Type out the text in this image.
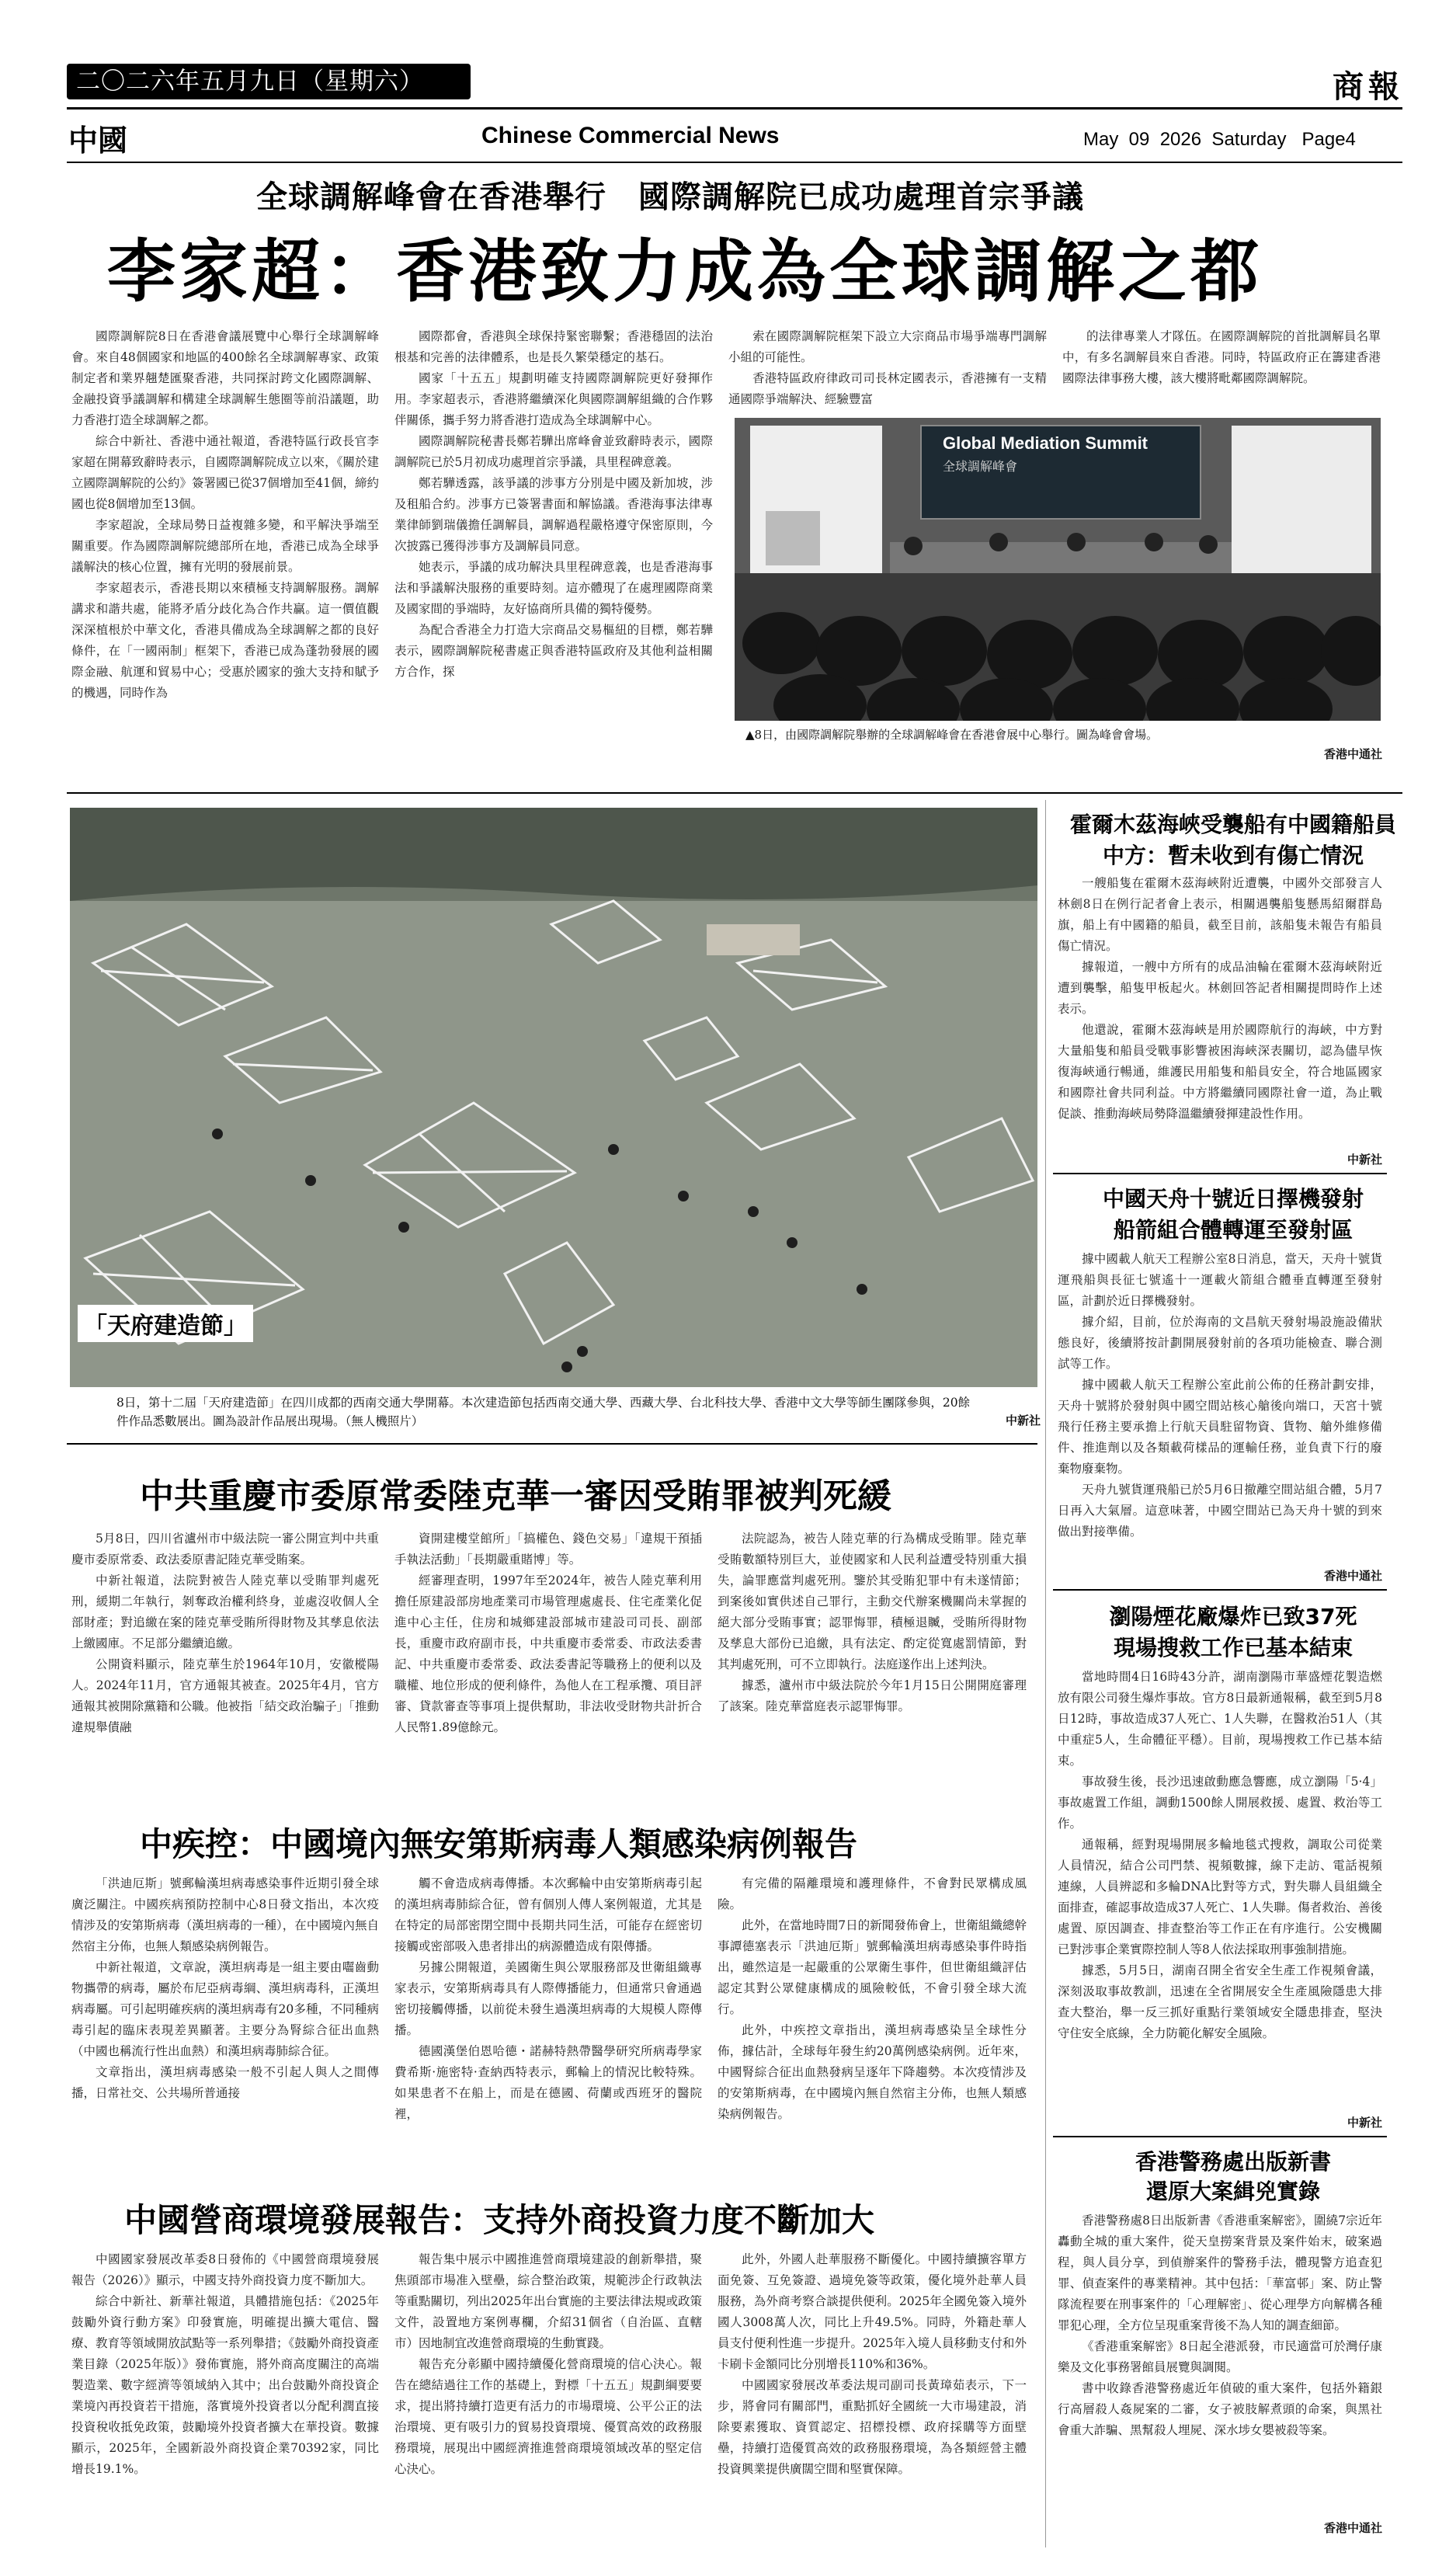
二〇二六年五月九日（星期六）	商報
中國	Chinese Commercial News	May  09  2026  Saturday   Page4
全球調解峰會在香港舉行　國際調解院已成功處理首宗爭議
李家超：香港致力成為全球調解之都

國際調解院8日在香港會議展覽中心舉行全球調解峰會。來自48個國家和地區的400餘名全球調解專家、政策制定者和業界翹楚匯聚香港，共同探討跨文化國際調解、金融投資爭議調解和構建全球調解生態圈等前沿議題，助力香港打造全球調解之都。

綜合中新社、香港中通社報道，香港特區行政長官李家超在開幕致辭時表示，自國際調解院成立以來，《關於建立國際調解院的公約》簽署國已從37個增加至41個，締約國也從8個增加至13個。

李家超說，全球局勢日益複雜多變，和平解決爭端至關重要。作為國際調解院總部所在地，香港已成為全球爭議解決的核心位置，擁有光明的發展前景。

李家超表示，香港長期以來積極支持調解服務。調解講求和諧共處，能將矛盾分歧化為合作共贏。這一價值觀深深植根於中華文化，香港具備成為全球調解之都的良好條件，在「一國兩制」框架下，香港已成為蓬勃發展的國際金融、航運和貿易中心；受惠於國家的強大支持和賦予的機遇，同時作為

國際都會，香港與全球保持緊密聯繫；香港穩固的法治根基和完善的法律體系，也是長久繁榮穩定的基石。

國家「十五五」規劃明確支持國際調解院更好發揮作用。李家超表示，香港將繼續深化與國際調解組織的合作夥伴關係，攜手努力將香港打造成為全球調解中心。

國際調解院秘書長鄭若驊出席峰會並致辭時表示，國際調解院已於5月初成功處理首宗爭議，具里程碑意義。

鄭若驊透露，該爭議的涉事方分別是中國及新加坡，涉及租船合約。涉事方已簽署書面和解協議。香港海事法律專業律師劉瑞儀擔任調解員，調解過程嚴格遵守保密原則，今次披露已獲得涉事方及調解員同意。

她表示，爭議的成功解決具里程碑意義，也是香港海事法和爭議解決服務的重要時刻。這亦體現了在處理國際商業及國家間的爭端時，友好協商所具備的獨特優勢。

為配合香港全力打造大宗商品交易樞紐的目標，鄭若驊表示，國際調解院秘書處正與香港特區政府及其他利益相關方合作，探

索在國際調解院框架下設立大宗商品市場爭端專門調解小組的可能性。

香港特區政府律政司司長林定國表示，香港擁有一支精通國際爭端解決、經驗豐富

的法律專業人才隊伍。在國際調解院的首批調解員名單中，有多名調解員來自香港。同時，特區政府正在籌建香港國際法律事務大樓，該大樓將毗鄰國際調解院。

Global Mediation Summit
全球調解峰會
▲8日，由國際調解院舉辦的全球調解峰會在香港會展中心舉行。圖為峰會會場。
香港中通社
「天府建造節」
8日，第十二屆「天府建造節」在四川成都的西南交通大學開幕。本次建造節包括西南交通大學、西藏大學、台北科技大學、香港中文大學等師生團隊參與，20餘件作品悉數展出。圖為設計作品展出現場。（無人機照片）	中新社
中共重慶市委原常委陸克華一審因受賄罪被判死緩

5月8日，四川省瀘州市中級法院一審公開宣判中共重慶市委原常委、政法委原書記陸克華受賄案。

中新社報道，法院對被告人陸克華以受賄罪判處死刑，緩期二年執行，剝奪政治權利終身，並處沒收個人全部財產；對追繳在案的陸克華受賄所得財物及其孳息依法上繳國庫。不足部分繼續追繳。

公開資料顯示，陸克華生於1964年10月，安徽樅陽人。2024年11月，官方通報其被查。2025年4月，官方通報其被開除黨籍和公職。他被指「結交政治騙子」「推動違規舉債融

資開建樓堂館所」「搞權色、錢色交易」「違規干預插手執法活動」「長期嚴重賭博」等。

經審理查明，1997年至2024年，被告人陸克華利用擔任原建設部房地產業司市場管理處處長、住宅產業化促進中心主任，住房和城鄉建設部城市建設司司長、副部長，重慶市政府副市長，中共重慶市委常委、市政法委書記、中共重慶市委常委、政法委書記等職務上的便利以及職權、地位形成的便利條件，為他人在工程承攬、項目評審、貸款審查等事項上提供幫助，非法收受財物共計折合人民幣1.89億餘元。

法院認為，被告人陸克華的行為構成受賄罪。陸克華受賄數額特別巨大，並使國家和人民利益遭受特別重大損失，論罪應當判處死刑。鑒於其受賄犯罪中有未遂情節；到案後如實供述自己罪行，主動交代辦案機關尚未掌握的絕大部分受賄事實；認罪悔罪，積極退贓，受賄所得財物及孳息大部份已追繳，具有法定、酌定從寬處罰情節，對其判處死刑，可不立即執行。法庭遂作出上述判決。

據悉，瀘州市中級法院於今年1月15日公開開庭審理了該案。陸克華當庭表示認罪悔罪。

中疾控：中國境內無安第斯病毒人類感染病例報告

「洪迪厄斯」號郵輪漢坦病毒感染事件近期引發全球廣泛關注。中國疾病預防控制中心8日發文指出，本次疫情涉及的安第斯病毒（漢坦病毒的一種），在中國境內無自然宿主分佈，也無人類感染病例報告。

中新社報道，文章說，漢坦病毒是一組主要由囓齒動物攜帶的病毒，屬於布尼亞病毒綱、漢坦病毒科，正漢坦病毒屬。可引起明確疾病的漢坦病毒有20多種，不同種病毒引起的臨床表現差異顯著。主要分為腎綜合征出血熱（中國也稱流行性出血熱）和漢坦病毒肺綜合征。

文章指出，漢坦病毒感染一般不引起人與人之間傳播，日常社交、公共場所普通接

觸不會造成病毒傳播。本次郵輪中由安第斯病毒引起的漢坦病毒肺綜合征，曾有個別人傳人案例報道，尤其是在特定的局部密閉空間中長期共同生活，可能存在經密切接觸或密部吸入患者排出的病源體造成有限傳播。

另據公開報道，美國衛生與公眾服務部及世衛組織專家表示，安第斯病毒具有人際傳播能力，但通常只會通過密切接觸傳播，以前從未發生過漢坦病毒的大規模人際傳播。

德國漢堡伯恩哈德・諾赫特熱帶醫學研究所病毒學家費希斯·施密特·查納西特表示，郵輪上的情況比較特殊。如果患者不在船上，而是在德國、荷蘭或西班牙的醫院裡，

有完備的隔離環境和護理條件，不會對民眾構成風險。

此外，在當地時間7日的新聞發佈會上，世衛組織總幹事譚德塞表示「洪迪厄斯」號郵輪漢坦病毒感染事件時指出，雖然這是一起嚴重的公眾衛生事件，但世衛組織評估認定其對公眾健康構成的風險較低，不會引發全球大流行。

此外，中疾控文章指出，漢坦病毒感染呈全球性分佈，據估計，全球每年發生約20萬例感染病例。近年來，中國腎綜合征出血熱發病呈逐年下降趨勢。本次疫情涉及的安第斯病毒，在中國境內無自然宿主分佈，也無人類感染病例報告。

中國營商環境發展報告：支持外商投資力度不斷加大

中國國家發展改革委8日發佈的《中國營商環境發展報告（2026）》顯示，中國支持外商投資力度不斷加大。

綜合中新社、新華社報道，具體措施包括：《2025年鼓勵外資行動方案》印發實施，明確提出擴大電信、醫療、教育等領域開放試點等一系列舉措；《鼓勵外商投資產業目錄（2025年版）》發佈實施，將外商高度關注的高端製造業、數字經濟等領域納入其中；出台鼓勵外商投資企業境內再投資若干措施，落實境外投資者以分配利潤直接投資稅收抵免政策，鼓勵境外投資者擴大在華投資。數據顯示，2025年，全國新設外商投資企業70392家，同比增長19.1%。

報告集中展示中國推進營商環境建設的創新舉措，聚焦頭部市場准入壁壘，綜合整治政策，規範涉企行政執法等重點關切，列出2025年出台實施的主要法律法規或政策文件，設置地方案例專欄，介紹31個省（自治區、直轄市）因地制宜改進營商環境的生動實踐。

報告充分彰顯中國持續優化營商環境的信心決心。報告在總結過往工作的基礎上，對標「十五五」規劃綱要要求，提出將持續打造更有活力的市場環境、公平公正的法治環境、更有吸引力的貿易投資環境、優質高效的政務服務環境，展現出中國經濟推進營商環境領域改革的堅定信心決心。

此外，外國人赴華服務不斷優化。中國持續擴容單方面免簽、互免簽證、過境免簽等政策，優化境外赴華人員服務，為外商考察合談提供便利。2025年全國免簽入境外國人3008萬人次，同比上升49.5%。同時，外籍赴華人員支付便利性進一步提升。2025年入境人員移動支付和外卡刷卡金額同比分別增長110%和36%。

中國國家發展改革委法規司副司長黃璋茹表示，下一步，將會同有關部門，重點抓好全國統一大市場建設，消除要素獲取、資質認定、招標投標、政府採購等方面壁壘，持續打造優質高效的政務服務環境，為各類經營主體投資興業提供廣闊空間和堅實保障。

霍爾木茲海峽受襲船有中國籍船員
中方：暫未收到有傷亡情況

一艘船隻在霍爾木茲海峽附近遭襲，中國外交部發言人林劍8日在例行記者會上表示，相關遇襲船隻懸馬紹爾群島旗，船上有中國籍的船員，截至目前，該船隻未報告有船員傷亡情況。

據報道，一艘中方所有的成品油輪在霍爾木茲海峽附近遭到襲擊，船隻甲板起火。林劍回答記者相關提問時作上述表示。

他還說，霍爾木茲海峽是用於國際航行的海峽，中方對大量船隻和船員受戰事影響被困海峽深表關切，認為儘早恢復海峽通行暢通，維護民用船隻和船員安全，符合地區國家和國際社會共同利益。中方將繼續同國際社會一道，為止戰促談、推動海峽局勢降溫繼續發揮建設性作用。

中新社
中國天舟十號近日擇機發射
船箭組合體轉運至發射區

據中國載人航天工程辦公室8日消息，當天，天舟十號貨運飛船與長征七號遙十一運載火箭組合體垂直轉運至發射區，計劃於近日擇機發射。

據介紹，目前，位於海南的文昌航天發射場設施設備狀態良好，後續將按計劃開展發射前的各項功能檢查、聯合測試等工作。

據中國載人航天工程辦公室此前公佈的任務計劃安排，天舟十號將於發射與中國空間站核心艙後向端口，天宮十號飛行任務主要承擔上行航天員駐留物資、貨物、艙外維修備件、推進劑以及各類載荷樣品的運輸任務，並負責下行的廢棄物廢棄物。

天舟九號貨運飛船已於5月6日撤離空間站組合體，5月7日再入大氣層。這意味著，中國空間站已為天舟十號的到來做出對接準備。

香港中通社
瀏陽煙花廠爆炸已致37死
現場搜救工作已基本結束

當地時間4日16時43分許，湖南瀏陽市華盛煙花製造燃放有限公司發生爆炸事故。官方8日最新通報稱，截至到5月8日12時，事故造成37人死亡、1人失聯，在醫救治51人（其中重症5人，生命體征平穩）。目前，現場搜救工作已基本結束。

事故發生後，長沙迅速啟動應急響應，成立瀏陽「5·4」事故處置工作組，調動1500餘人開展救援、處置、救治等工作。

通報稱，經對現場開展多輪地毯式搜救，調取公司從業人員情況，結合公司門禁、視頻數據，線下走訪、電話視頻連線，人員辨認和多輪DNA比對等方式，對失聯人員組織全面排查，確認事故造成37人死亡、1人失聯。傷者救治、善後處置、原因調查、排查整治等工作正在有序進行。公安機關已對涉事企業實際控制人等8人依法採取刑事強制措施。

據悉，5月5日，湖南召開全省安全生產工作視頻會議，深刻汲取事故教訓，迅速在全省開展安全生產風險隱患大排查大整治，舉一反三抓好重點行業領域安全隱患排查，堅決守住安全底線，全力防範化解安全風險。

中新社
香港警務處出版新書
還原大案緝兇實錄

香港警務處8日出版新書《香港重案解密》，圍繞7宗近年轟動全城的重大案件，從天皇撈案背景及案件始末，破案過程，與人員分享，到偵辦案件的警務手法，體現警方追查犯罪、偵查案件的專業精神。其中包括：「華富邨」案、防止警隊流程要在刑事案件的「心理解密」、從心理學方向解構各種罪犯心理，全方位呈現重案背後不為人知的調查細節。

《香港重案解密》8日起全港派發，市民適當可於灣仔康樂及文化事務署館員展覽與調閱。

書中收錄香港警務處近年偵破的重大案件，包括外籍銀行高層殺人姦屍案的二審，女子被肢解煮頭的命案，與黑社會重大詐騙、黑幫殺人埋屍、深水埗女嬰被殺等案。

香港中通社
